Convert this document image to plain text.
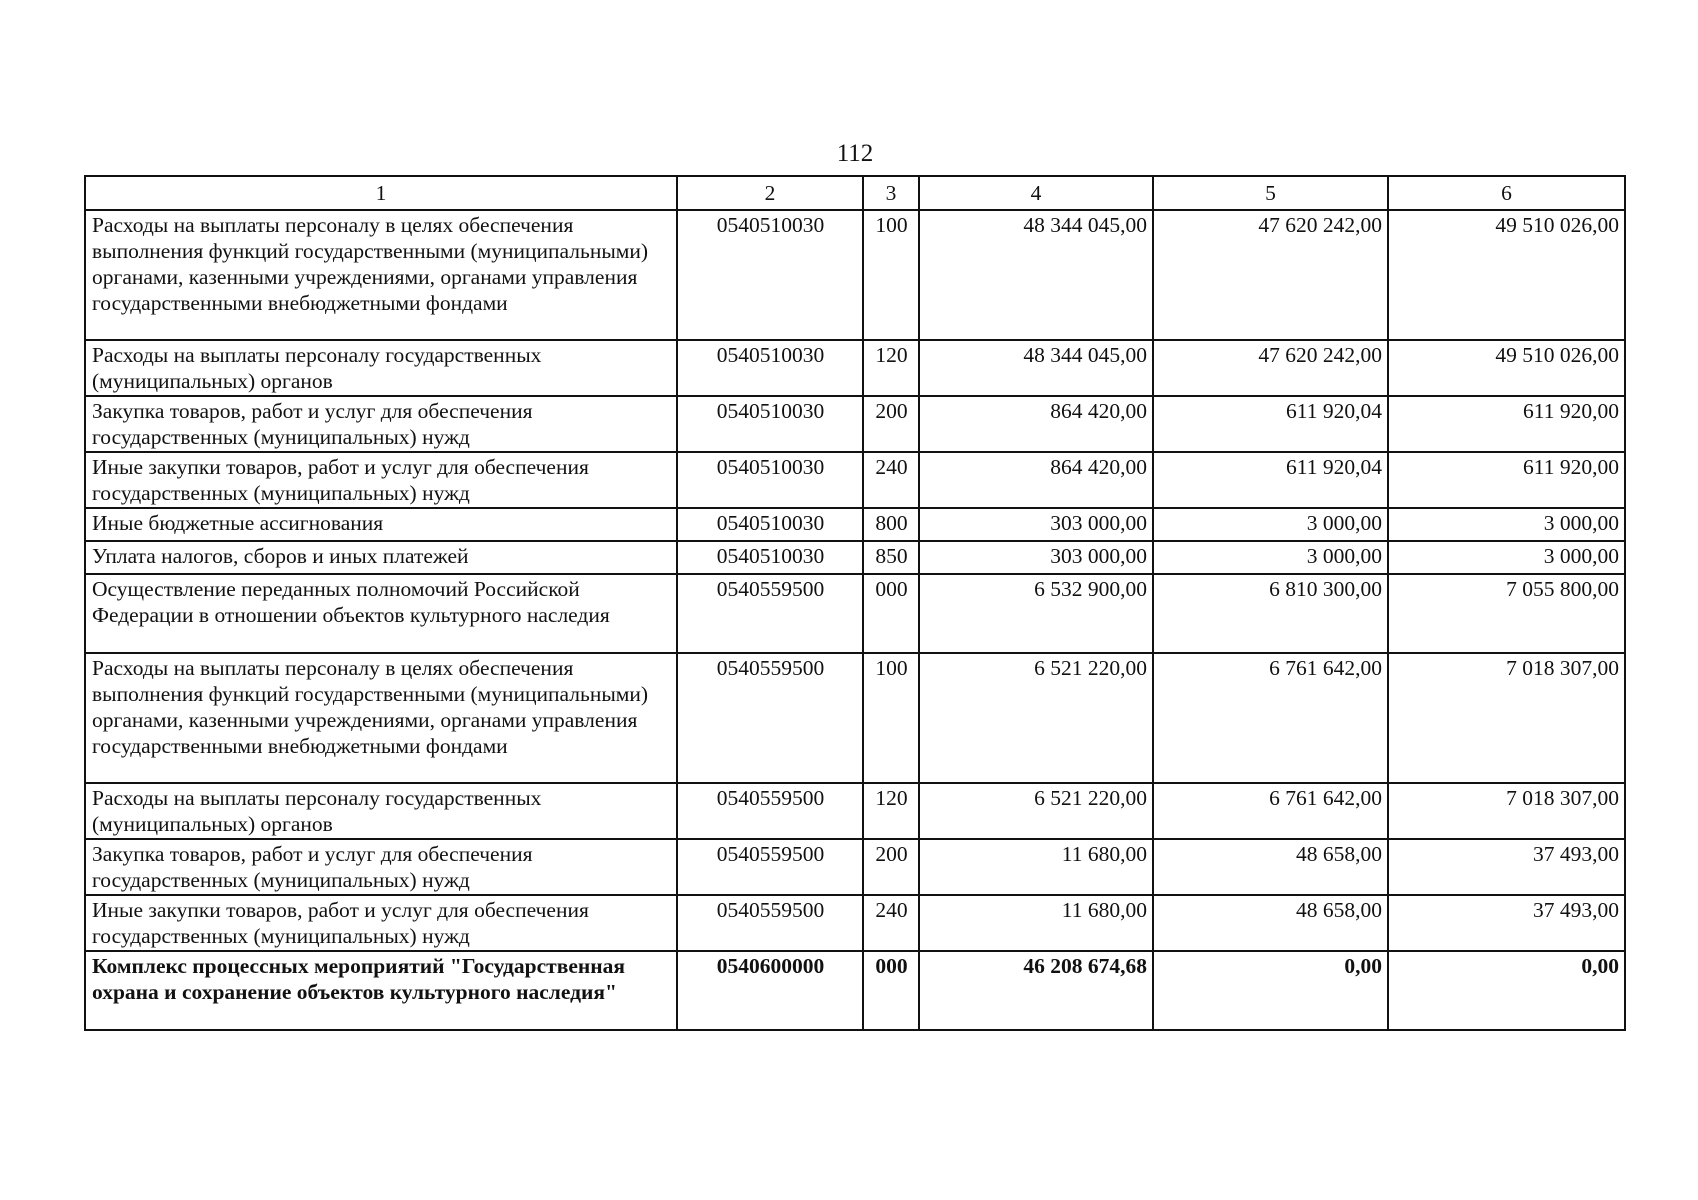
112
1	2	3	4	5	6
Расходы на выплаты персоналу в целях обеспечения выполнения функций государственными (муниципальными) органами, казенными учреждениями, органами управления государственными внебюджетными фондами	0540510030	100	48 344 045,00	47 620 242,00	49 510 026,00
Расходы на выплаты персоналу государственных (муниципальных) органов	0540510030	120	48 344 045,00	47 620 242,00	49 510 026,00
Закупка товаров, работ и услуг для обеспечения государственных (муниципальных) нужд	0540510030	200	864 420,00	611 920,04	611 920,00
Иные закупки товаров, работ и услуг для обеспечения государственных (муниципальных) нужд	0540510030	240	864 420,00	611 920,04	611 920,00
Иные бюджетные ассигнования	0540510030	800	303 000,00	3 000,00	3 000,00
Уплата налогов, сборов и иных платежей	0540510030	850	303 000,00	3 000,00	3 000,00
Осуществление переданных полномочий Российской Федерации в отношении объектов культурного наследия	0540559500	000	6 532 900,00	6 810 300,00	7 055 800,00
Расходы на выплаты персоналу в целях обеспечения выполнения функций государственными (муниципальными) органами, казенными учреждениями, органами управления государственными внебюджетными фондами	0540559500	100	6 521 220,00	6 761 642,00	7 018 307,00
Расходы на выплаты персоналу государственных (муниципальных) органов	0540559500	120	6 521 220,00	6 761 642,00	7 018 307,00
Закупка товаров, работ и услуг для обеспечения государственных (муниципальных) нужд	0540559500	200	11 680,00	48 658,00	37 493,00
Иные закупки товаров, работ и услуг для обеспечения государственных (муниципальных) нужд	0540559500	240	11 680,00	48 658,00	37 493,00
Комплекс процессных мероприятий "Государственная охрана и сохранение объектов культурного наследия"	0540600000	000	46 208 674,68	0,00	0,00
